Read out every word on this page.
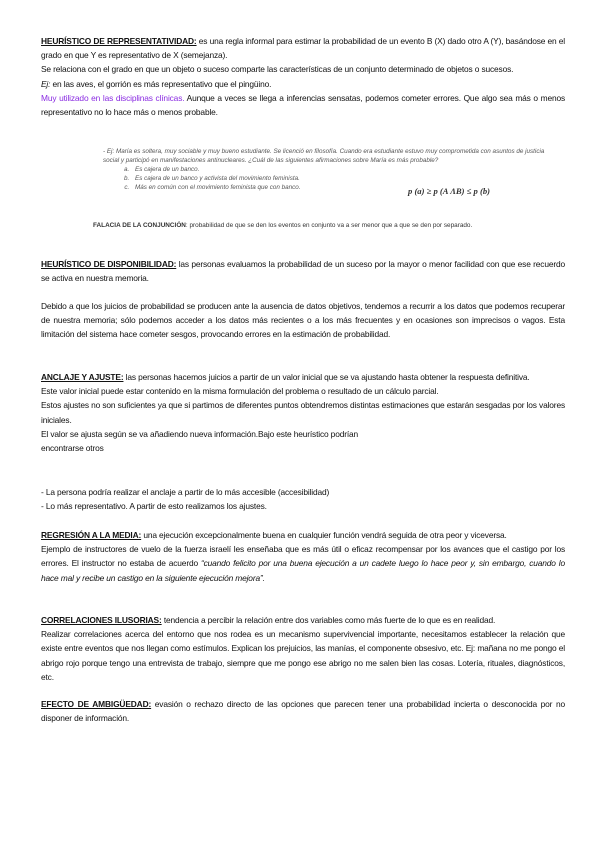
HEURÍSTICO DE REPRESENTATIVIDAD: es una regla informal para estimar la probabilidad de un evento B (X) dado otro A (Y), basándose en el grado en que Y es representativo de X (semejanza).

Se relaciona con el grado en que un objeto o suceso comparte las características de un conjunto determinado de objetos o sucesos.

Ej: en las aves, el gorrión es más representativo que el pingüino.

Muy utilizado en las disciplinas clínicas. Aunque a veces se llega a inferencias sensatas, podemos cometer errores. Que algo sea más o menos representativo no lo hace más o menos probable.

- Ej: María es soltera, muy sociable y muy bueno estudiante. Se licenció en filosofía. Cuando era estudiante estuvo muy comprometida con asuntos de justicia social y participó en manifestaciones antinucleares. ¿Cuál de las siguientes afirmaciones sobre María es más probable?
a. Es cajera de un banco.
b. Es cajera de un banco y activista del movimiento feminista.
c. Más en común con el movimiento feminista que con banco.	p (a) ≥ p (A ΛB) ≤ p (b)
FALACIA DE LA CONJUNCIÓN: probabilidad de que se den los eventos en conjunto va a ser menor que a que se den por separado.

HEURÍSTICO DE DISPONIBILIDAD: las personas evaluamos la probabilidad de un suceso por la mayor o menor facilidad con que ese recuerdo se activa en nuestra memoria.

Debido a que los juicios de probabilidad se producen ante la ausencia de datos objetivos, tendemos a recurrir a los datos que podemos recuperar de nuestra memoria; sólo podemos acceder a los datos más recientes o a los más frecuentes y en ocasiones son imprecisos o vagos. Esta limitación del sistema hace cometer sesgos, provocando errores en la estimación de probabilidad.

ANCLAJE Y AJUSTE: las personas hacemos juicios a partir de un valor inicial que se va ajustando hasta obtener la respuesta definitiva.

Este valor inicial puede estar contenido en la misma formulación del problema o resultado de un cálculo parcial.

Estos ajustes no son suficientes ya que si partimos de diferentes puntos obtendremos distintas estimaciones que estarán sesgadas por los valores iniciales.

El valor se ajusta según se va añadiendo nueva información.Bajo este heurístico podrían

encontrarse otros

- La persona podría realizar el anclaje a partir de lo más accesible (accesibilidad)

- Lo más representativo. A partir de esto realizamos los ajustes.

REGRESIÓN A LA MEDIA: una ejecución excepcionalmente buena en cualquier función vendrá seguida de otra peor y viceversa.

Ejemplo de instructores de vuelo de la fuerza israelí les enseñaba que es más útil o eficaz recompensar por los avances que el castigo por los errores. El instructor no estaba de acuerdo “cuando felicito por una buena ejecución a un cadete luego lo hace peor y, sin embargo, cuando lo hace mal y recibe un castigo en la siguiente ejecución mejora”.

CORRELACIONES ILUSORIAS: tendencia a percibir la relación entre dos variables como más fuerte de lo que es en realidad.

Realizar correlaciones acerca del entorno que nos rodea es un mecanismo supervivencial importante, necesitamos establecer la relación que existe entre eventos que nos llegan como estímulos. Explican los prejuicios, las manías, el componente obsesivo, etc. Ej: mañana no me pongo el abrigo rojo porque tengo una entrevista de trabajo, siempre que me pongo ese abrigo no me salen bien las cosas. Lotería, rituales, diagnósticos, etc.

EFECTO DE AMBIGÜEDAD: evasión o rechazo directo de las opciones que parecen tener una probabilidad incierta o desconocida por no disponer de información.
